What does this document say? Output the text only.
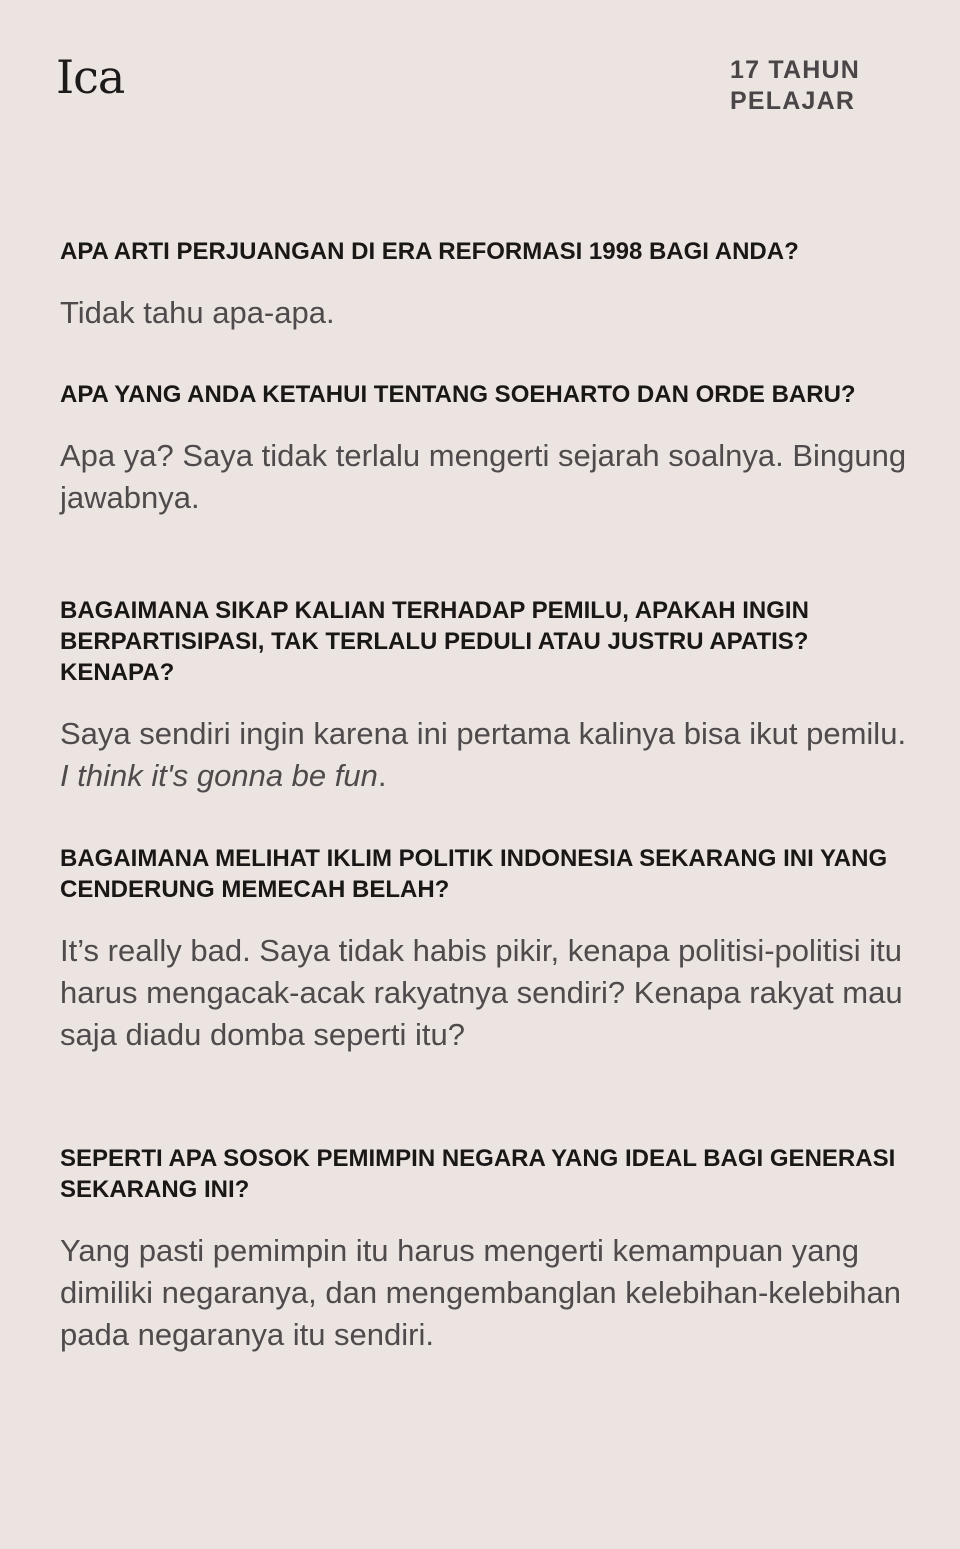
Ica	17 TAHUN
PELAJAR
APA ARTI PERJUANGAN DI ERA REFORMASI 1998 BAGI ANDA?

Tidak tahu apa-apa.

APA YANG ANDA KETAHUI TENTANG SOEHARTO DAN ORDE BARU?

Apa ya? Saya tidak terlalu mengerti sejarah soalnya. Bingung jawabnya.

BAGAIMANA SIKAP KALIAN TERHADAP PEMILU, APAKAH INGIN BERPARTISIPASI, TAK TERLALU PEDULI ATAU JUSTRU APATIS? KENAPA?

Saya sendiri ingin karena ini pertama kalinya bisa ikut pemilu. I think it's gonna be fun.

BAGAIMANA MELIHAT IKLIM POLITIK INDONESIA SEKARANG INI YANG CENDERUNG MEMECAH BELAH?

It’s really bad. Saya tidak habis pikir, kenapa politisi-politisi itu harus mengacak-acak rakyatnya sendiri? Kenapa rakyat mau saja diadu domba seperti itu?

SEPERTI APA SOSOK PEMIMPIN NEGARA YANG IDEAL BAGI GENERASI SEKARANG INI?

Yang pasti pemimpin itu harus mengerti kemampuan yang dimiliki negaranya, dan mengembanglan kelebihan-kelebihan pada negaranya itu sendiri.
